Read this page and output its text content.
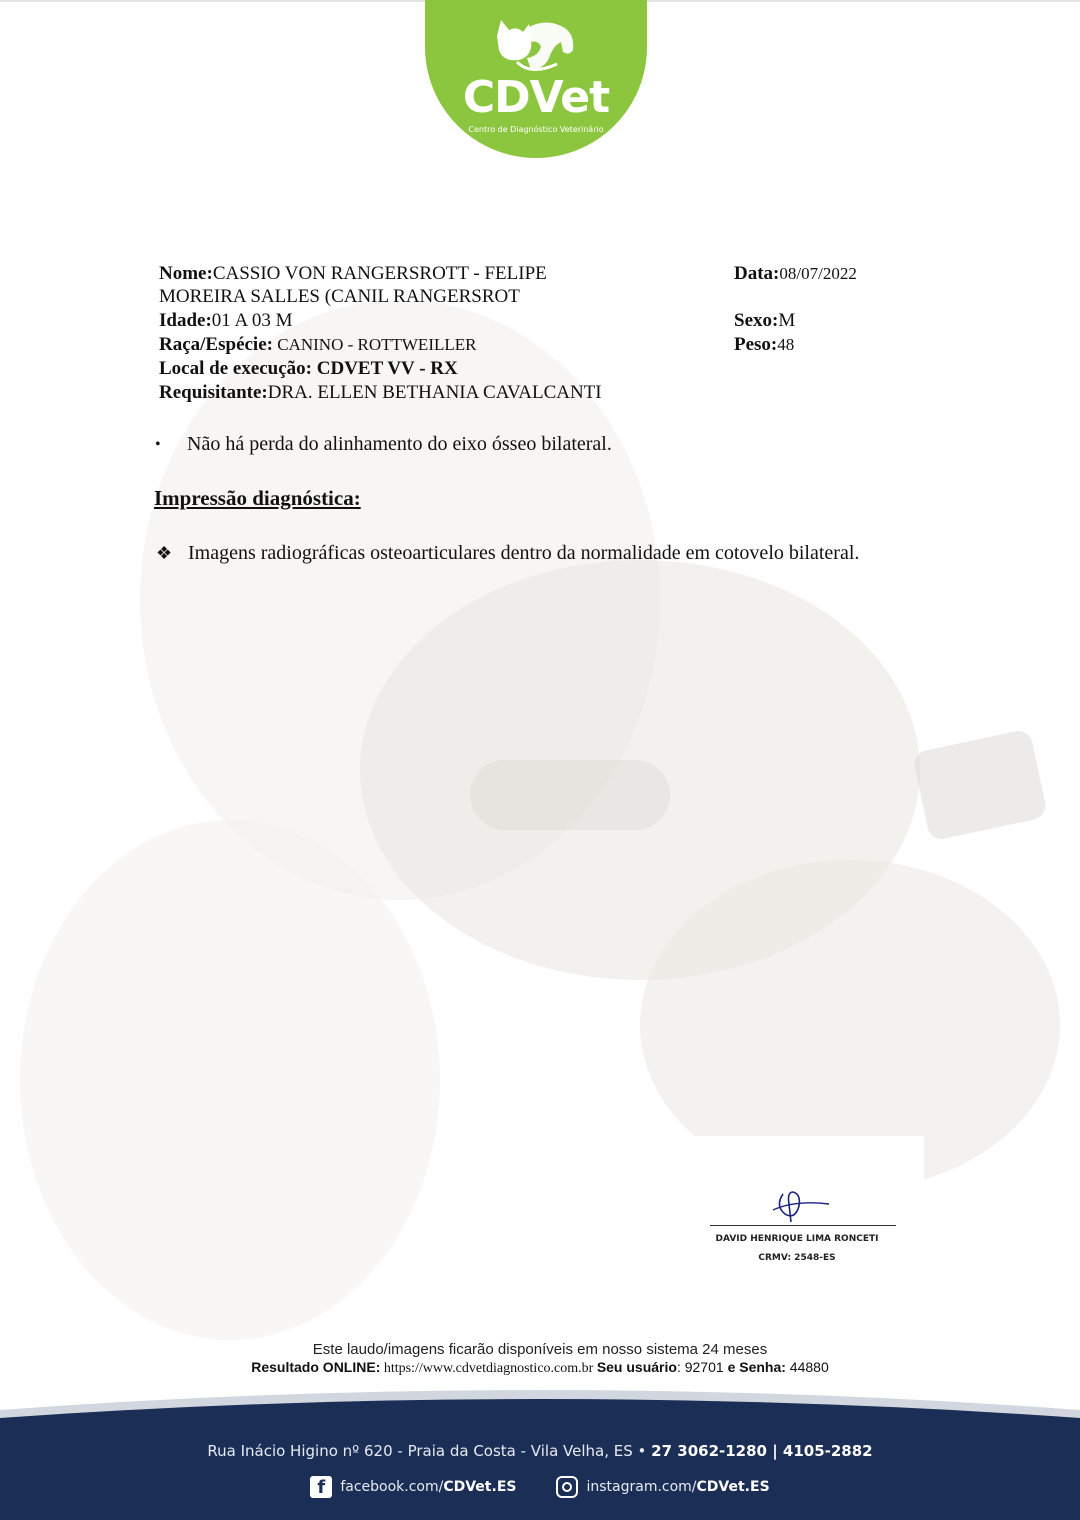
CDVet
Centro de Diagnóstico Veterinário
Nome:CASSIO VON RANGERSROTT - FELIPE
MOREIRA SALLES (CANIL RANGERSROT
Idade:01 A 03 M
Raça/Espécie: CANINO - ROTTWEILLER
Local de execução: CDVET VV - RX
Requisitante:DRA. ELLEN BETHANIA CAVALCANTI
Data:08/07/2022
Sexo:M
Peso:48
•	Não há perda do alinhamento do eixo ósseo bilateral.
Impressão diagnóstica:
❖ Imagens radiográficas osteoarticulares dentro da normalidade em cotovelo bilateral.
DAVID HENRIQUE LIMA RONCETI
CRMV: 2548-ES
Este laudo/imagens ficarão disponíveis em nosso sistema 24 meses
Resultado ONLINE: https://www.cdvetdiagnostico.com.br Seu usuário: 92701 e Senha: 44880
Rua Inácio Higino nº 620 - Praia da Costa - Vila Velha, ES • 27 3062-1280 | 4105-2882
f	facebook.com/CDVet.ES	instagram.com/CDVet.ES
